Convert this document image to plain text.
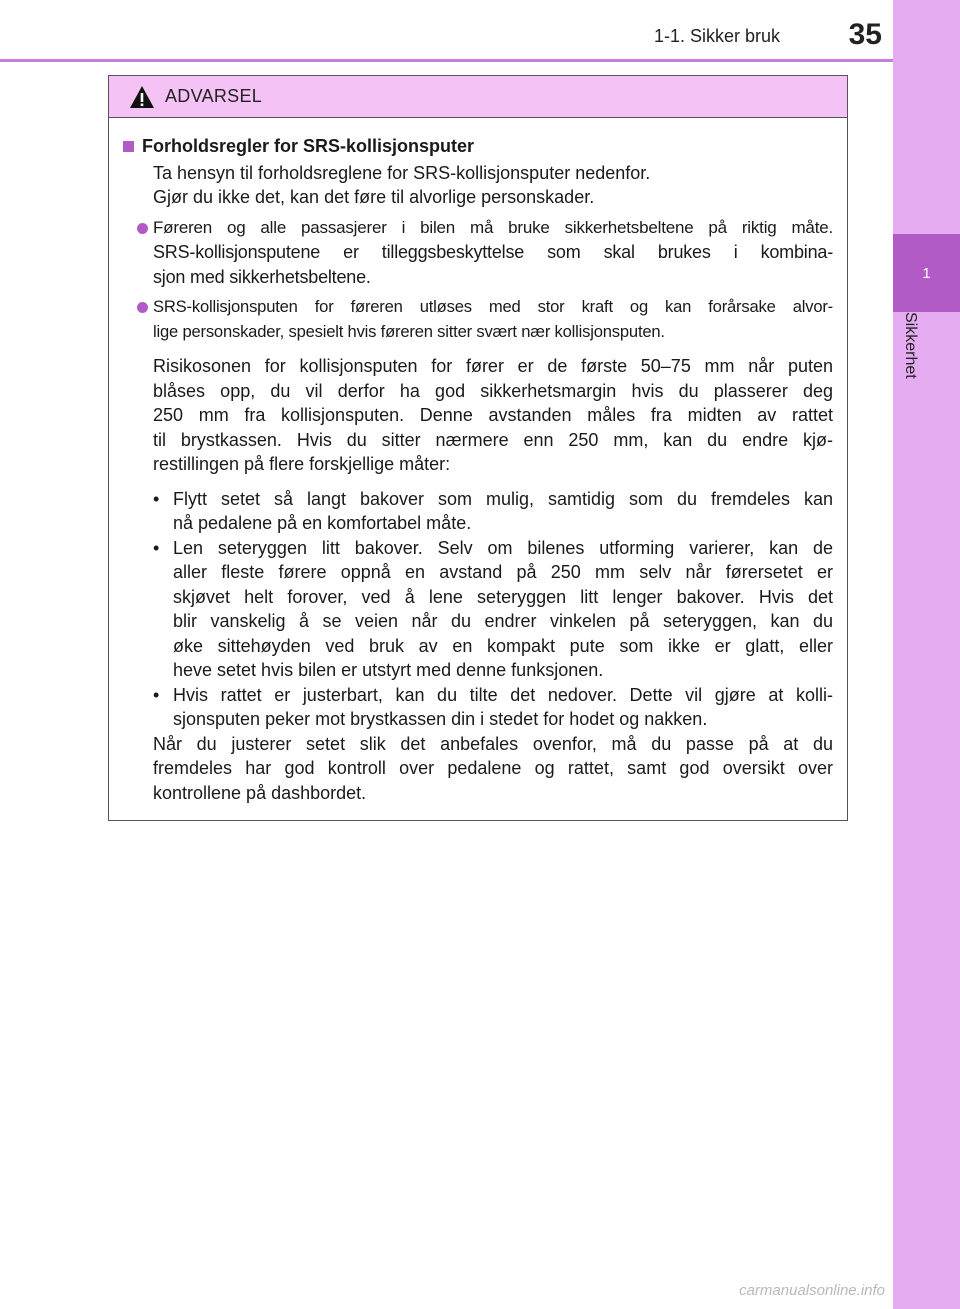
1
Sikkerhet
1-1. Sikker bruk	35
ADVARSEL
Forholdsregler for SRS-kollisjonsputer
Ta hensyn til forholdsreglene for SRS-kollisjonsputer nedenfor.
Gjør du ikke det, kan det føre til alvorlige personskader.
Føreren og alle passasjerer i bilen må bruke sikkerhetsbeltene på riktig måte.
SRS-kollisjonsputene er tilleggsbeskyttelse som skal brukes i kombina-
sjon med sikkerhetsbeltene.
SRS-kollisjonsputen for føreren utløses med stor kraft og kan forårsake alvor-
lige personskader, spesielt hvis føreren sitter svært nær kollisjonsputen.
Risikosonen for kollisjonsputen for fører er de første 50–75 mm når puten
blåses opp, du vil derfor ha god sikkerhetsmargin hvis du plasserer deg
250 mm fra kollisjonsputen. Denne avstanden måles fra midten av rattet
til brystkassen. Hvis du sitter nærmere enn 250 mm, kan du endre kjø-
restillingen på flere forskjellige måter:
• Flytt setet så langt bakover som mulig, samtidig som du fremdeles kan
nå pedalene på en komfortabel måte.
• Len seteryggen litt bakover. Selv om bilenes utforming varierer, kan de
aller fleste førere oppnå en avstand på 250 mm selv når førersetet er
skjøvet helt forover, ved å lene seteryggen litt lenger bakover. Hvis det
blir vanskelig å se veien når du endrer vinkelen på seteryggen, kan du
øke sittehøyden ved bruk av en kompakt pute som ikke er glatt, eller
heve setet hvis bilen er utstyrt med denne funksjonen.
• Hvis rattet er justerbart, kan du tilte det nedover. Dette vil gjøre at kolli-
sjonsputen peker mot brystkassen din i stedet for hodet og nakken.
Når du justerer setet slik det anbefales ovenfor, må du passe på at du
fremdeles har god kontroll over pedalene og rattet, samt god oversikt over
kontrollene på dashbordet.
carmanualsonline.info
